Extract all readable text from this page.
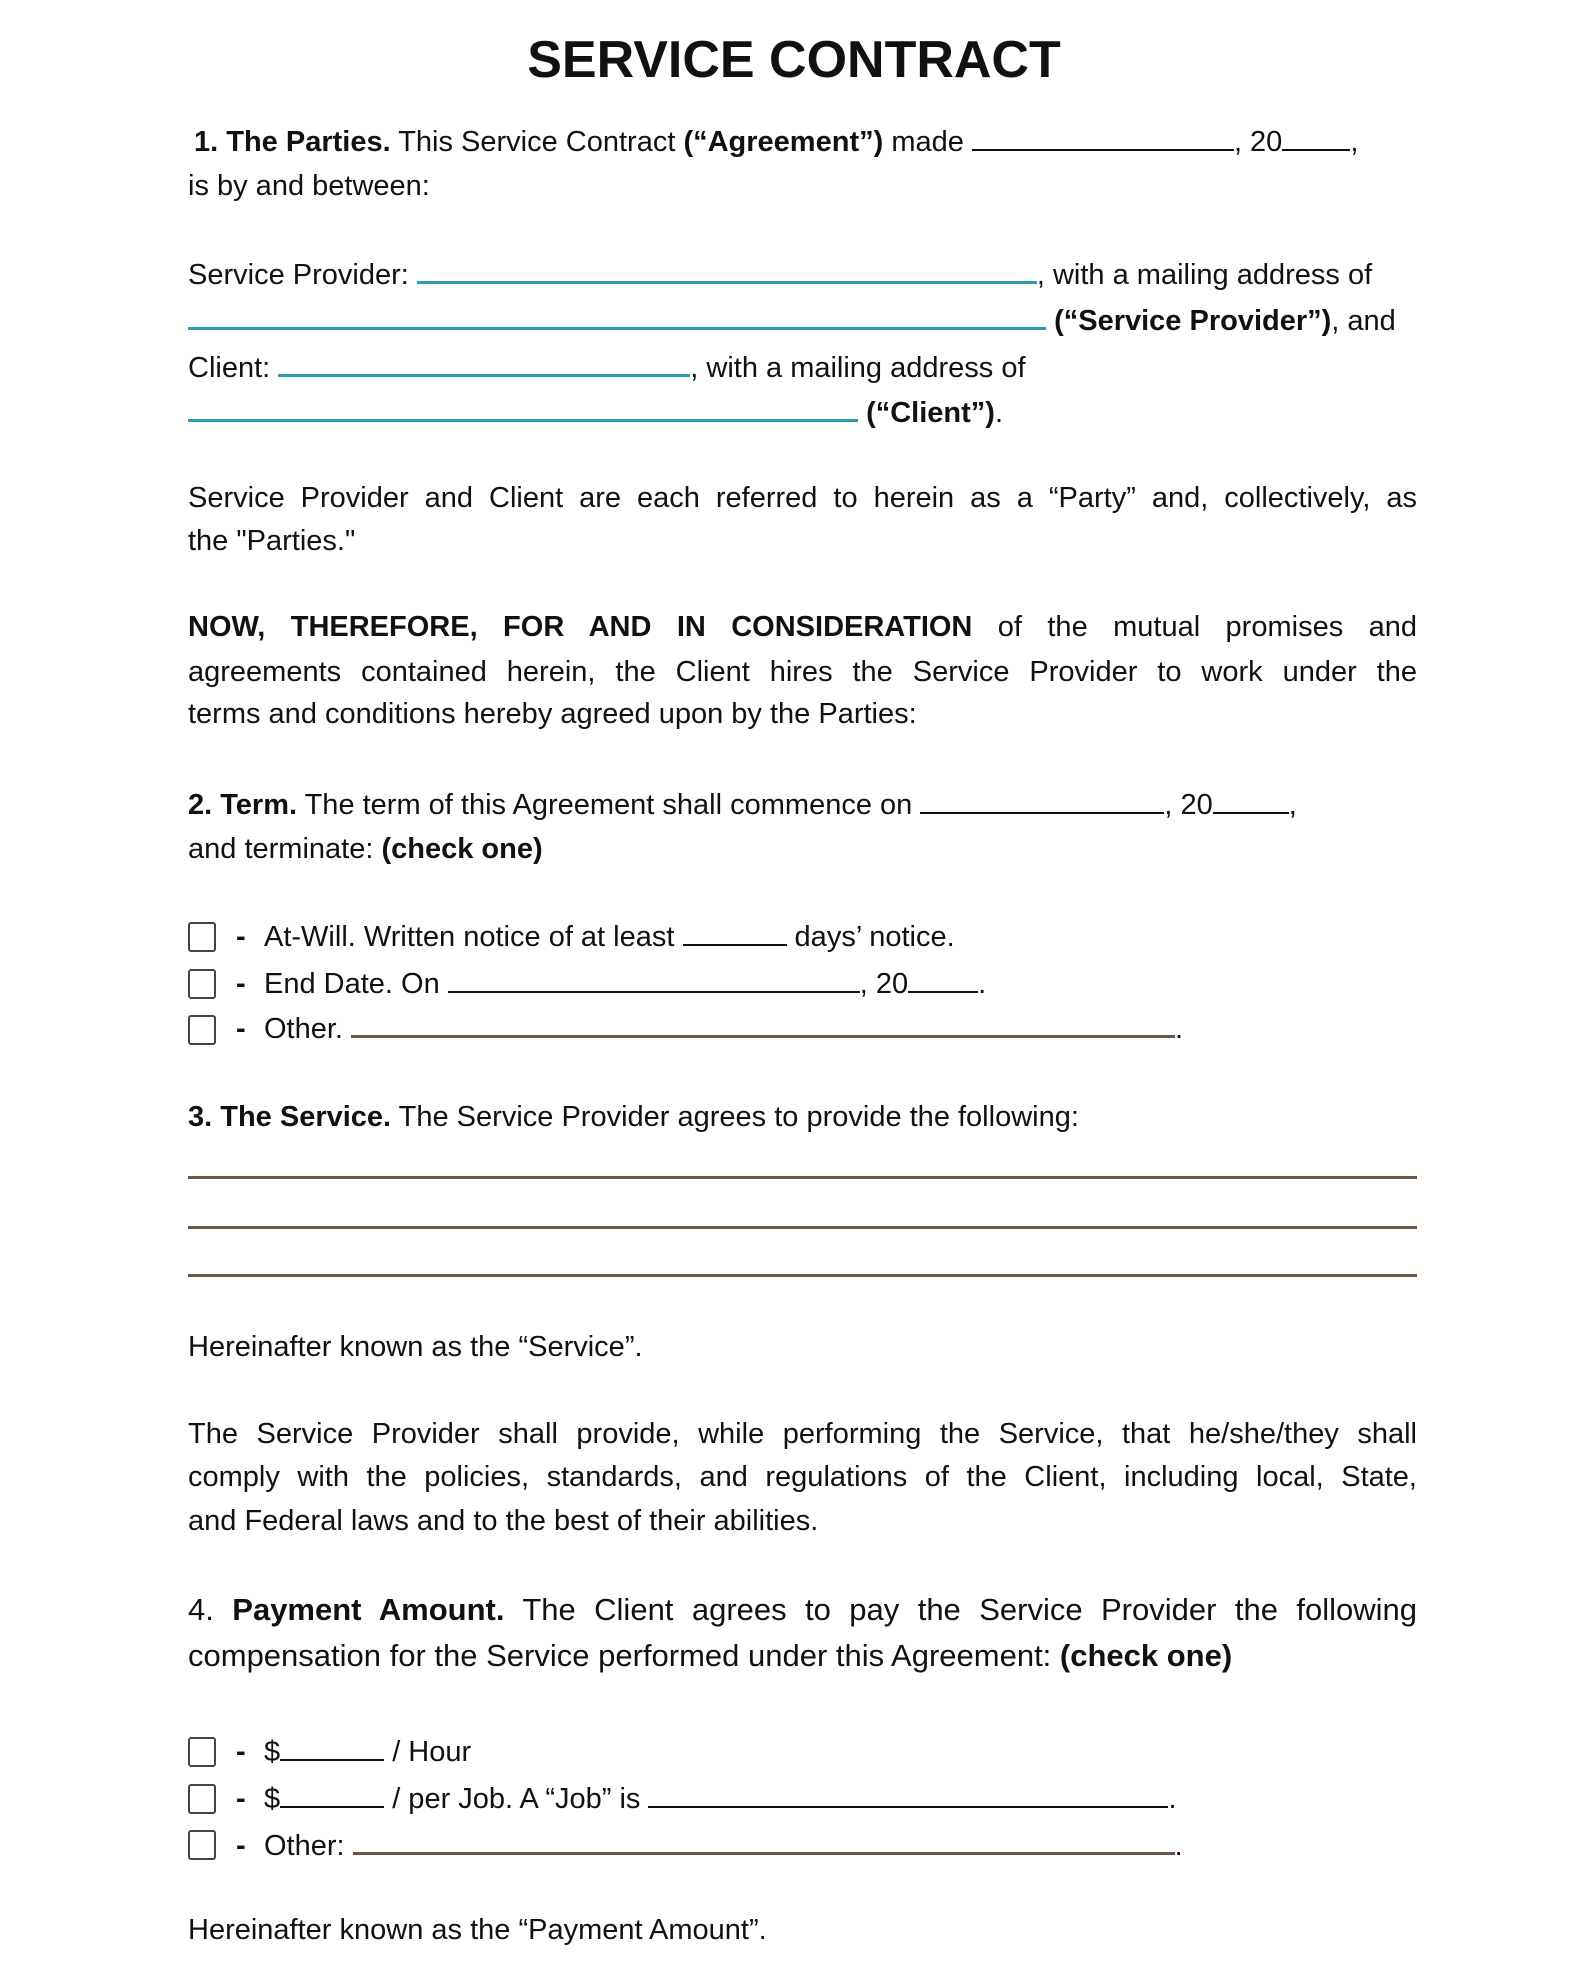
SERVICE CONTRACT
1. The Parties. This Service Contract (“Agreement”) made	, 20 ,
is by and between:
Service Provider:	, with a mailing address of
(“Service Provider”), and
Client:	, with a mailing address of
(“Client”).
Service Provider and Client are each referred to herein as a “Party” and, collectively, as
the "Parties."
NOW, THEREFORE, FOR AND IN CONSIDERATION of the mutual promises and
agreements contained herein, the Client hires the Service Provider to work under the
terms and conditions hereby agreed upon by the Parties:
2. Term. The term of this Agreement shall commence on	, 20	,
and terminate: (check one)
- At-Will. Written notice of at least	days’ notice.
- End Date. On	, 20 .
- Other.	.
3. The Service. The Service Provider agrees to provide the following:
Hereinafter known as the “Service”.
The Service Provider shall provide, while performing the Service, that he/she/they shall
comply with the policies, standards, and regulations of the Client, including local, State,
and Federal laws and to the best of their abilities.
4. Payment Amount. The Client agrees to pay the Service Provider the following
compensation for the Service performed under this Agreement: (check one)
- $	/ Hour
- $	/ per Job. A “Job” is	.
- Other:	.
Hereinafter known as the “Payment Amount”.
